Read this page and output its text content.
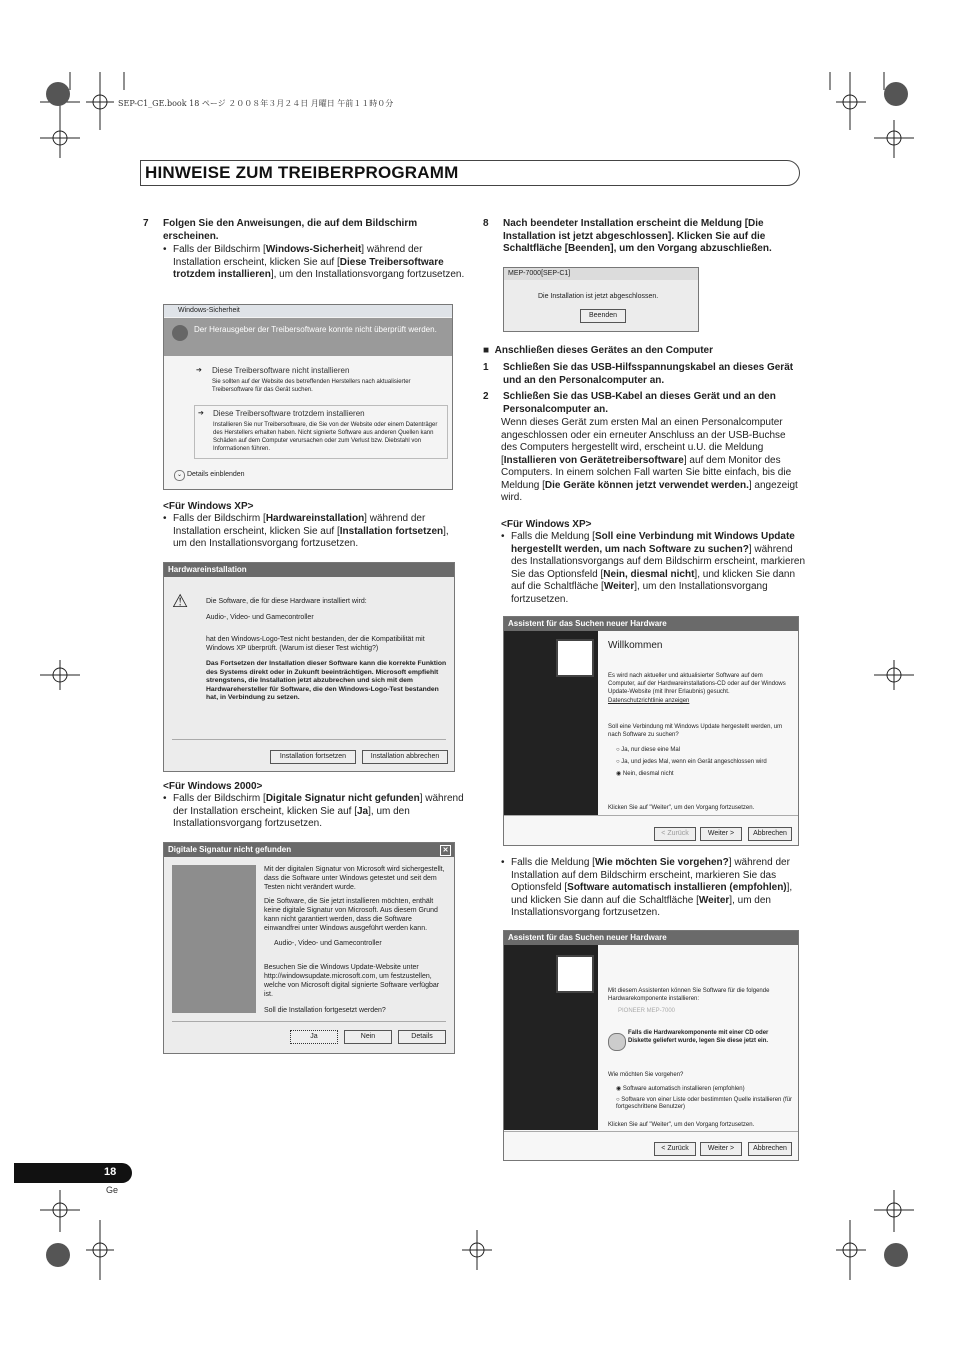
SEP-C1_GE.book 18 ページ ２００８年３月２４日 月曜日 午前１１時０分
HINWEISE ZUM TREIBERPROGRAMM
7 Folgen Sie den Anweisungen, die auf dem Bildschirm erscheinen.
• Falls der Bildschirm [Windows-Sicherheit] während der Installation erscheint, klicken Sie auf [Diese Treibersoftware trotzdem installieren], um den Installationsvorgang fortzusetzen.
Windows-Sicherheit
Der Herausgeber der Treibersoftware konnte nicht überprüft werden.
➔ Diese Treibersoftware nicht installieren
Sie sollten auf der Website des betreffenden Herstellers nach aktualisierter Treibersoftware für das Gerät suchen.
➔ Diese Treibersoftware trotzdem installieren
Installieren Sie nur Treibersoftware, die Sie von der Website oder einem Datenträger des Herstellers erhalten haben. Nicht signierte Software aus anderen Quellen kann Schäden auf dem Computer verursachen oder zum Verlust bzw. Diebstahl von Informationen führen.
⌄ Details einblenden
<Für Windows XP>
• Falls der Bildschirm [Hardwareinstallation] während der Installation erscheint, klicken Sie auf [Installation fortsetzen], um den Installationsvorgang fortzusetzen.
Hardwareinstallation
⚠	Die Software, die für diese Hardware installiert wird:
Audio-, Video- und Gamecontroller
hat den Windows-Logo-Test nicht bestanden, der die Kompatibilität mit Windows XP überprüft. (Warum ist dieser Test wichtig?)
Das Fortsetzen der Installation dieser Software kann die korrekte Funktion des Systems direkt oder in Zukunft beeinträchtigen. Microsoft empfiehlt strengstens, die Installation jetzt abzubrechen und sich mit dem Hardwarehersteller für Software, die den Windows-Logo-Test bestanden hat, in Verbindung zu setzen.
Installation fortsetzen	Installation abbrechen
<Für Windows 2000>
• Falls der Bildschirm [Digitale Signatur nicht gefunden] während der Installation erscheint, klicken Sie auf [Ja], um den Installationsvorgang fortzusetzen.
Digitale Signatur nicht gefunden	✕
Mit der digitalen Signatur von Microsoft wird sichergestellt, dass die Software unter Windows getestet und seit dem Testen nicht verändert wurde.
Die Software, die Sie jetzt installieren möchten, enthält keine digitale Signatur von Microsoft. Aus diesem Grund kann nicht garantiert werden, dass die Software einwandfrei unter Windows ausgeführt werden kann.
Audio-, Video- und Gamecontroller
Besuchen Sie die Windows Update-Website unter http://windowsupdate.microsoft.com, um festzustellen, welche von Microsoft digital signierte Software verfügbar ist.
Soll die Installation fortgesetzt werden?
Ja	Nein	Details
8 Nach beendeter Installation erscheint die Meldung [Die Installation ist jetzt abgeschlossen]. Klicken Sie auf die Schaltfläche [Beenden], um den Vorgang abzuschließen.
MEP-7000[SEP-C1]
Die Installation ist jetzt abgeschlossen.
Beenden
■ Anschließen dieses Gerätes an den Computer
1 Schließen Sie das USB-Hilfsspannungskabel an dieses Gerät und an den Personalcomputer an.
2 Schließen Sie das USB-Kabel an dieses Gerät und an den Personalcomputer an.
Wenn dieses Gerät zum ersten Mal an einen Personalcomputer angeschlossen oder ein erneuter Anschluss an der USB-Buchse des Computers hergestellt wird, erscheint u.U. die Meldung [Installieren von Gerätetreibersoftware] auf dem Monitor des Computers. In einem solchen Fall warten Sie bitte einfach, bis die Meldung [Die Geräte können jetzt verwendet werden.] angezeigt wird.
<Für Windows XP>
• Falls die Meldung [Soll eine Verbindung mit Windows Update hergestellt werden, um nach Software zu suchen?] während des Installationsvorgangs auf dem Bildschirm erscheint, markieren Sie das Optionsfeld [Nein, diesmal nicht], und klicken Sie dann auf die Schaltfläche [Weiter], um den Installationsvorgang fortzusetzen.
Assistent für das Suchen neuer Hardware
Willkommen
Es wird nach aktueller und aktualisierter Software auf dem Computer, auf der Hardwareinstallations-CD oder auf der Windows Update-Website (mit Ihrer Erlaubnis) gesucht.
Datenschutzrichtlinie anzeigen
Soll eine Verbindung mit Windows Update hergestellt werden, um nach Software zu suchen?
○ Ja, nur diese eine Mal
○ Ja, und jedes Mal, wenn ein Gerät angeschlossen wird
◉ Nein, diesmal nicht
Klicken Sie auf "Weiter", um den Vorgang fortzusetzen.
< Zurück	Weiter >	Abbrechen
• Falls die Meldung [Wie möchten Sie vorgehen?] während der Installation auf dem Bildschirm erscheint, markieren Sie das Optionsfeld [Software automatisch installieren (empfohlen)], und klicken Sie dann auf die Schaltfläche [Weiter], um den Installationsvorgang fortzusetzen.
Assistent für das Suchen neuer Hardware
Mit diesem Assistenten können Sie Software für die folgende Hardwarekomponente installieren:
PIONEER MEP-7000
Falls die Hardwarekomponente mit einer CD oder Diskette geliefert wurde, legen Sie diese jetzt ein.
Wie möchten Sie vorgehen?
◉ Software automatisch installieren (empfohlen)
○ Software von einer Liste oder bestimmten Quelle installieren (für fortgeschrittene Benutzer)
Klicken Sie auf "Weiter", um den Vorgang fortzusetzen.
< Zurück	Weiter >	Abbrechen
18
Ge
